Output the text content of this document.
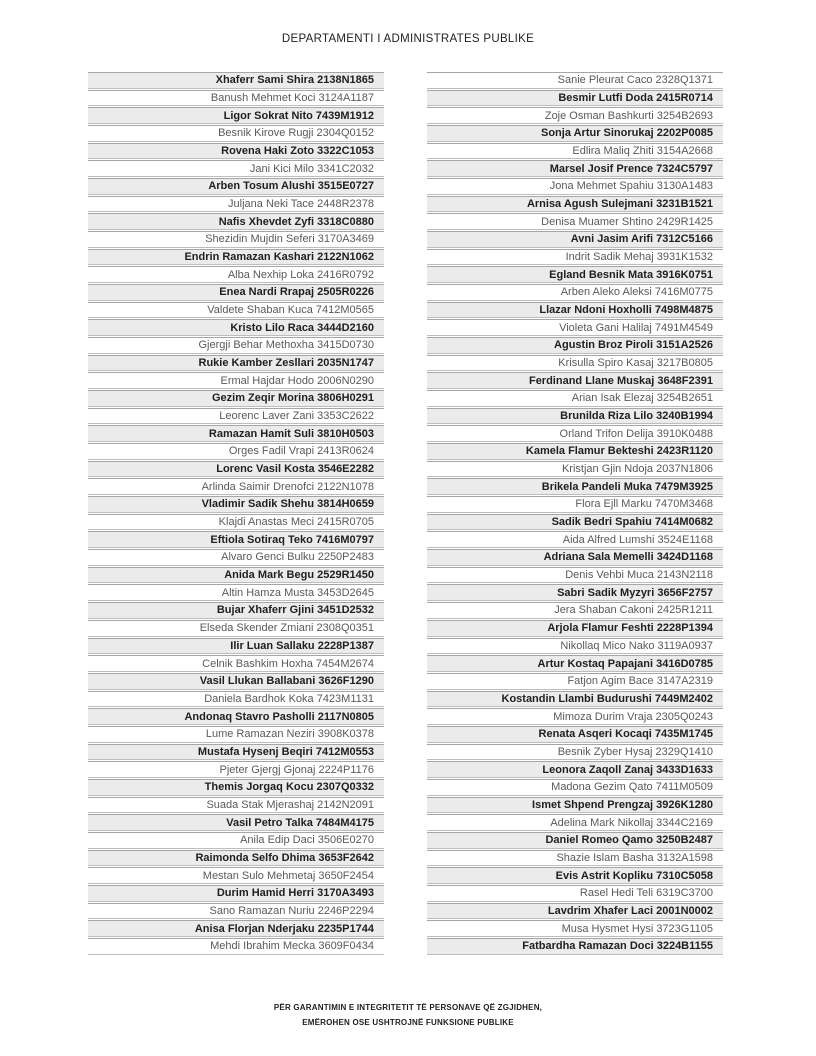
DEPARTAMENTI I ADMINISTRATES PUBLIKE
Xhaferr Sami Shira 2138N1865
Banush Mehmet Koci 3124A1187
Ligor Sokrat Nito 7439M1912
Besnik Kirove Rugji 2304Q0152
Rovena Haki Zoto 3322C1053
Jani Kici Milo 3341C2032
Arben Tosum Alushi 3515E0727
Juljana Neki Tace 2448R2378
Nafis Xhevdet Zyfi 3318C0880
Shezidin Mujdin Seferi 3170A3469
Endrin Ramazan Kashari 2122N1062
Alba Nexhip Loka 2416R0792
Enea Nardi Rrapaj 2505R0226
Valdete Shaban Kuca 7412M0565
Kristo Lilo Raca 3444D2160
Gjergji Behar Methoxha 3415D0730
Rukie Kamber Zesllari 2035N1747
Ermal Hajdar Hodo 2006N0290
Gezim Zeqir Morina 3806H0291
Leorenc Laver Zani 3353C2622
Ramazan Hamit Suli 3810H0503
Orges Fadil Vrapi 2413R0624
Lorenc Vasil Kosta 3546E2282
Arlinda Saimir Drenofci 2122N1078
Vladimir Sadik Shehu 3814H0659
Klajdi Anastas Meci 2415R0705
Eftiola Sotiraq Teko 7416M0797
Alvaro Genci Bulku 2250P2483
Anida Mark Begu 2529R1450
Altin Hamza Musta 3453D2645
Bujar Xhaferr Gjini 3451D2532
Elseda Skender Zmiani 2308Q0351
Ilir Luan Sallaku 2228P1387
Celnik Bashkim Hoxha 7454M2674
Vasil Llukan Ballabani 3626F1290
Daniela Bardhok Koka 7423M1131
Andonaq Stavro Pasholli 2117N0805
Lume Ramazan Neziri 3908K0378
Mustafa Hysenj Beqiri 7412M0553
Pjeter Gjergj Gjonaj 2224P1176
Themis Jorgaq Kocu 2307Q0332
Suada Stak Mjerashaj 2142N2091
Vasil Petro Talka 7484M4175
Anila Edip Daci 3506E0270
Raimonda Selfo Dhima 3653F2642
Mestan Sulo Mehmetaj 3650F2454
Durim Hamid Herri 3170A3493
Sano Ramazan Nuriu 2246P2294
Anisa Florjan Nderjaku 2235P1744
Mehdi Ibrahim Mecka 3609F0434
Sanie Pleurat Caco 2328Q1371
Besmir Lutfi Doda 2415R0714
Zoje Osman Bashkurti 3254B2693
Sonja Artur Sinorukaj 2202P0085
Edlira Maliq Zhiti 3154A2668
Marsel Josif Prence 7324C5797
Jona Mehmet Spahiu 3130A1483
Arnisa Agush Sulejmani 3231B1521
Denisa Muamer Shtino 2429R1425
Avni Jasim Arifi 7312C5166
Indrit Sadik Mehaj 3931K1532
Egland Besnik Mata 3916K0751
Arben Aleko Aleksi 7416M0775
Llazar Ndoni Hoxholli 7498M4875
Violeta Gani Halilaj 7491M4549
Agustin Broz Piroli 3151A2526
Krisulla Spiro Kasaj 3217B0805
Ferdinand Llane Muskaj 3648F2391
Arian Isak Elezaj 3254B2651
Brunilda Riza Lilo 3240B1994
Orland Trifon Delija 3910K0488
Kamela Flamur Bekteshi 2423R1120
Kristjan Gjin Ndoja 2037N1806
Brikela Pandeli Muka 7479M3925
Flora Ejll Marku 7470M3468
Sadik Bedri Spahiu 7414M0682
Aida Alfred Lumshi 3524E1168
Adriana Sala Memelli 3424D1168
Denis Vehbi Muca 2143N2118
Sabri Sadik Myzyri 3656F2757
Jera Shaban Cakoni 2425R1211
Arjola Flamur Feshti 2228P1394
Nikollaq Mico Nako 3119A0937
Artur Kostaq Papajani 3416D0785
Fatjon Agim Bace 3147A2319
Kostandin Llambi Budurushi 7449M2402
Mimoza Durim Vraja 2305Q0243
Renata Asqeri Kocaqi 7435M1745
Besnik Zyber Hysaj 2329Q1410
Leonora Zaqoll Zanaj 3433D1633
Madona Gezim Qato 7411M0509
Ismet Shpend Prengzaj 3926K1280
Adelina Mark Nikollaj 3344C2169
Daniel Romeo Qamo 3250B2487
Shazie Islam Basha 3132A1598
Evis Astrit Kopliku 7310C5058
Rasel Hedi Teli 6319C3700
Lavdrim Xhafer Laci 2001N0002
Musa Hysmet Hysi 3723G1105
Fatbardha Ramazan Doci 3224B1155
PËR GARANTIMIN E INTEGRITETIT TË PERSONAVE QË ZGJIDHEN,
EMËROHEN OSE USHTROJNË FUNKSIONE PUBLIKE
